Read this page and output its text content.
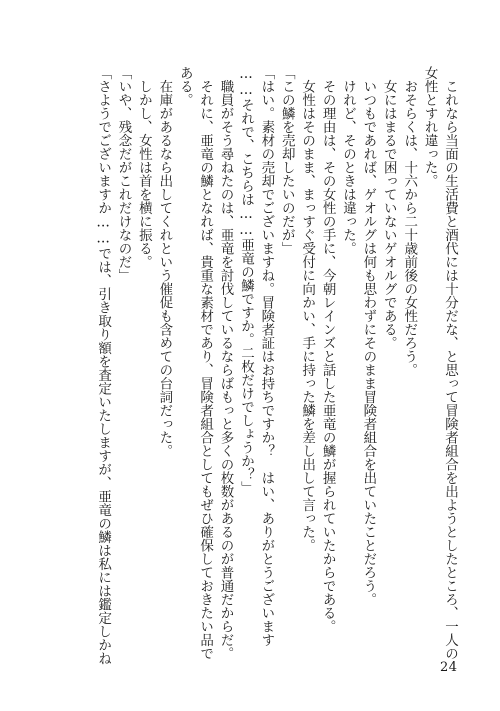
　これなら当面の生活費と酒代には十分だな、と思って冒険者組合を出ようとしたところ、一人の
女性とすれ違った。
　おそらくは、十六から二十歳前後の女性だろう。
　女にはまるで困っていないゲオルグである。
　いつもであれば、ゲオルグは何も思わずにそのまま冒険者組合を出ていたことだろう。
　けれど、そのときは違った。
　その理由は、その女性の手に、今朝レインズと話した亜竜の鱗が握られていたからである。
　女性はそのまま、まっすぐ受付に向かい、手に持った鱗を差し出して言った。
「この鱗を売却したいのだが」
「はい。素材の売却でございますね。冒険者証はお持ちですか？　はい、ありがとうございます
……それで、こちらは……亜竜の鱗ですか。二枚だけでしょうか？」
　職員がそう尋ねたのは、亜竜を討伐しているならばもっと多くの枚数があるのが普通だからだ。
　それに、亜竜の鱗となれば、貴重な素材であり、冒険者組合としてもぜひ確保しておきたい品で
ある。
　在庫があるなら出してくれという催促も含めての台詞だった。
　しかし、女性は首を横に振る。
「いや、残念だがこれだけなのだ」
「さようでございますか……では、引き取り額を査定いたしますが、亜竜の鱗は私には鑑定しかね
24
